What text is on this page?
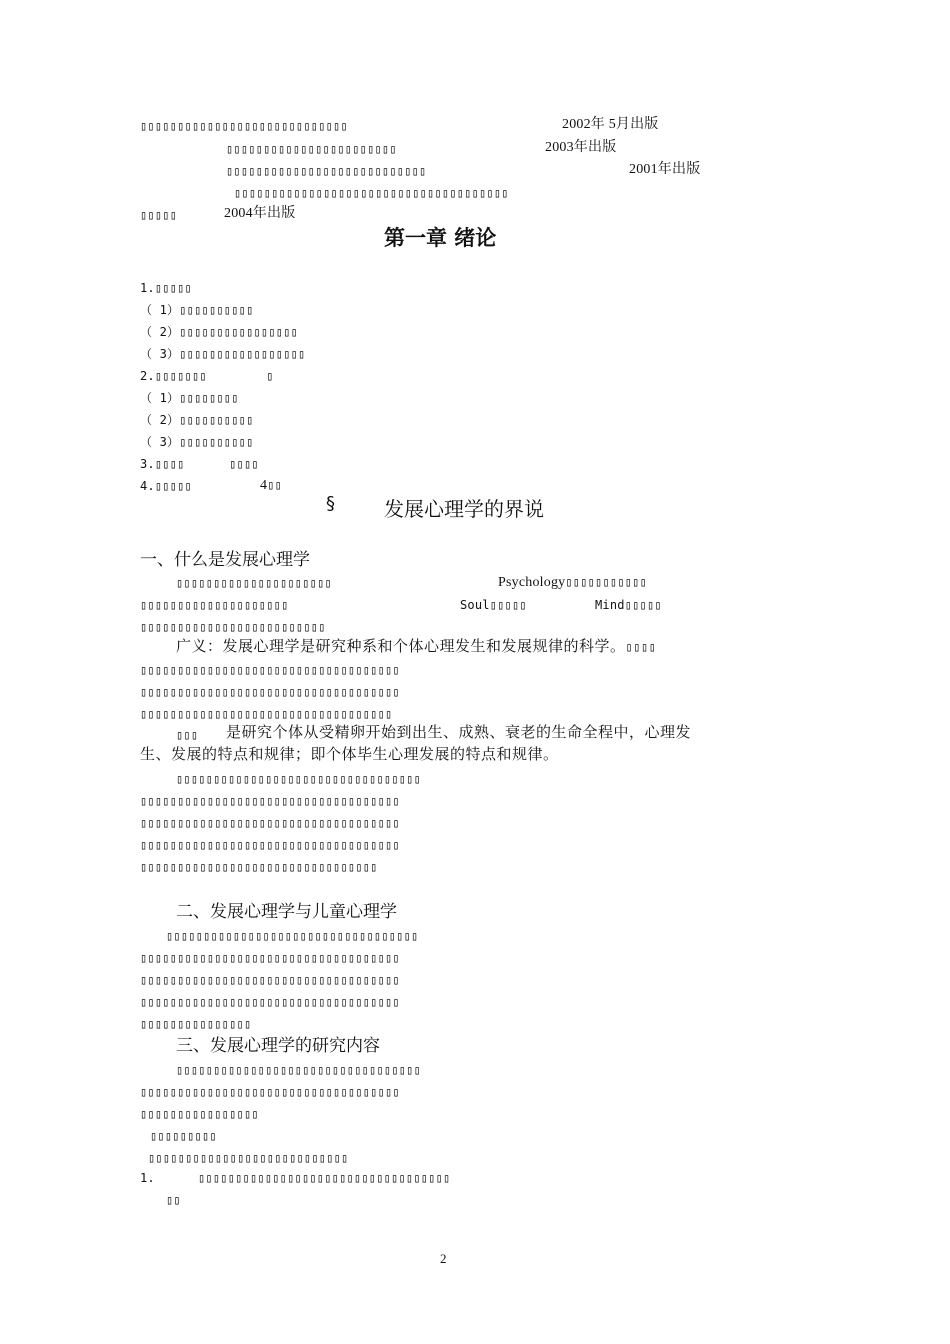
▯▯▯▯▯▯▯▯▯▯▯▯▯▯▯▯▯▯▯▯▯▯▯▯▯▯▯▯	2002年 5月出版
▯▯▯▯▯▯▯▯▯▯▯▯▯▯▯▯▯▯▯▯▯▯▯	2003年出版
▯▯▯▯▯▯▯▯▯▯▯▯▯▯▯▯▯▯▯▯▯▯▯▯▯▯▯	2001年出版
▯▯▯▯▯▯▯▯▯▯▯▯▯▯▯▯▯▯▯▯▯▯▯▯▯▯▯▯▯▯▯▯▯▯▯▯▯
▯▯▯▯▯	2004年出版
第一章 绪论
1.▯▯▯▯▯
（ 1）▯▯▯▯▯▯▯▯▯▯
（ 2）▯▯▯▯▯▯▯▯▯▯▯▯▯▯▯▯
（ 3）▯▯▯▯▯▯▯▯▯▯▯▯▯▯▯▯▯
2.▯▯▯▯▯▯▯        ▯
（ 1）▯▯▯▯▯▯▯▯
（ 2）▯▯▯▯▯▯▯▯▯▯
（ 3）▯▯▯▯▯▯▯▯▯▯
3.▯▯▯▯      ▯▯▯▯
4.▯▯▯▯▯	4▯▯
§ 发展心理学的界说
一、什么是发展心理学
▯▯▯▯▯▯▯▯▯▯▯▯▯▯▯▯▯▯▯▯▯	Psychology▯▯▯▯▯▯▯▯▯▯▯
▯▯▯▯▯▯▯▯▯▯▯▯▯▯▯▯▯▯▯▯	Soul▯▯▯▯▯	Mind▯▯▯▯▯
▯▯▯▯▯▯▯▯▯▯▯▯▯▯▯▯▯▯▯▯▯▯▯▯▯
广义：发展心理学是研究种系和个体心理发生和发展规律的科学。▯▯▯▯
▯▯▯▯▯▯▯▯▯▯▯▯▯▯▯▯▯▯▯▯▯▯▯▯▯▯▯▯▯▯▯▯▯▯▯
▯▯▯▯▯▯▯▯▯▯▯▯▯▯▯▯▯▯▯▯▯▯▯▯▯▯▯▯▯▯▯▯▯▯▯
▯▯▯▯▯▯▯▯▯▯▯▯▯▯▯▯▯▯▯▯▯▯▯▯▯▯▯▯▯▯▯▯▯▯
▯▯▯ 是研究个体从受精卵开始到出生、成熟、衰老的生命全程中，心理发
生、发展的特点和规律；即个体毕生心理发展的特点和规律。
▯▯▯▯▯▯▯▯▯▯▯▯▯▯▯▯▯▯▯▯▯▯▯▯▯▯▯▯▯▯▯▯▯
▯▯▯▯▯▯▯▯▯▯▯▯▯▯▯▯▯▯▯▯▯▯▯▯▯▯▯▯▯▯▯▯▯▯▯
▯▯▯▯▯▯▯▯▯▯▯▯▯▯▯▯▯▯▯▯▯▯▯▯▯▯▯▯▯▯▯▯▯▯▯
▯▯▯▯▯▯▯▯▯▯▯▯▯▯▯▯▯▯▯▯▯▯▯▯▯▯▯▯▯▯▯▯▯▯▯
▯▯▯▯▯▯▯▯▯▯▯▯▯▯▯▯▯▯▯▯▯▯▯▯▯▯▯▯▯▯▯▯
二、发展心理学与儿童心理学
▯▯▯▯▯▯▯▯▯▯▯▯▯▯▯▯▯▯▯▯▯▯▯▯▯▯▯▯▯▯▯▯▯▯
▯▯▯▯▯▯▯▯▯▯▯▯▯▯▯▯▯▯▯▯▯▯▯▯▯▯▯▯▯▯▯▯▯▯▯
▯▯▯▯▯▯▯▯▯▯▯▯▯▯▯▯▯▯▯▯▯▯▯▯▯▯▯▯▯▯▯▯▯▯▯
▯▯▯▯▯▯▯▯▯▯▯▯▯▯▯▯▯▯▯▯▯▯▯▯▯▯▯▯▯▯▯▯▯▯▯
▯▯▯▯▯▯▯▯▯▯▯▯▯▯▯
三、发展心理学的研究内容
▯▯▯▯▯▯▯▯▯▯▯▯▯▯▯▯▯▯▯▯▯▯▯▯▯▯▯▯▯▯▯▯▯
▯▯▯▯▯▯▯▯▯▯▯▯▯▯▯▯▯▯▯▯▯▯▯▯▯▯▯▯▯▯▯▯▯▯▯
▯▯▯▯▯▯▯▯▯▯▯▯▯▯▯▯
▯▯▯▯▯▯▯▯▯
▯▯▯▯▯▯▯▯▯▯▯▯▯▯▯▯▯▯▯▯▯▯▯▯▯▯▯
1.	▯▯▯▯▯▯▯▯▯▯▯▯▯▯▯▯▯▯▯▯▯▯▯▯▯▯▯▯▯▯▯▯▯▯
▯▯
2
